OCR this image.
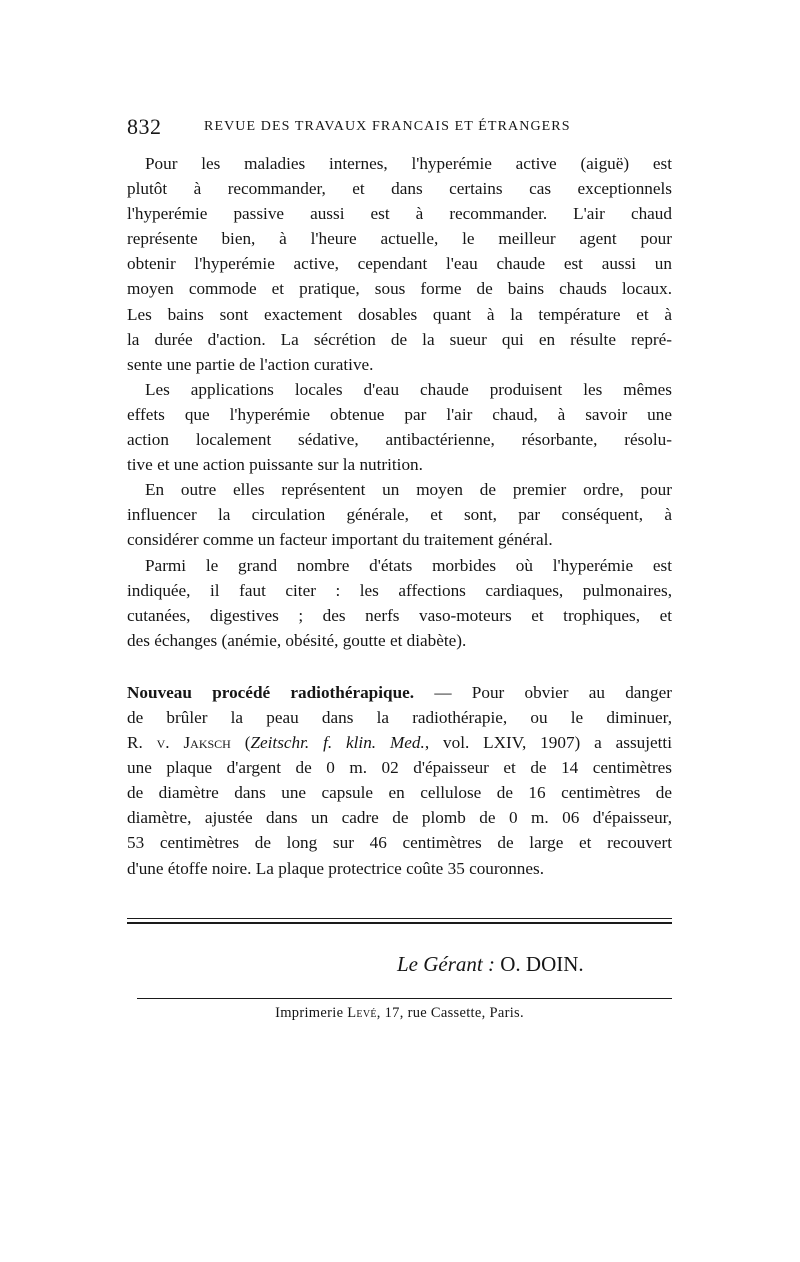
832	REVUE DES TRAVAUX FRANCAIS ET ÉTRANGERS
Pour les maladies internes, l'hyperémie active (aiguë) est
plutôt à recommander, et dans certains cas exceptionnels
l'hyperémie passive aussi est à recommander. L'air chaud
représente bien, à l'heure actuelle, le meilleur agent pour
obtenir l'hyperémie active, cependant l'eau chaude est aussi un
moyen commode et pratique, sous forme de bains chauds locaux.
Les bains sont exactement dosables quant à la température et à
la durée d'action. La sécrétion de la sueur qui en résulte repré-
sente une partie de l'action curative.
Les applications locales d'eau chaude produisent les mêmes
effets que l'hyperémie obtenue par l'air chaud, à savoir une
action localement sédative, antibactérienne, résorbante, résolu-
tive et une action puissante sur la nutrition.
En outre elles représentent un moyen de premier ordre, pour
influencer la circulation générale, et sont, par conséquent, à
considérer comme un facteur important du traitement général.
Parmi le grand nombre d'états morbides où l'hyperémie est
indiquée, il faut citer : les affections cardiaques, pulmonaires,
cutanées, digestives ; des nerfs vaso-moteurs et trophiques, et
des échanges (anémie, obésité, goutte et diabète).
Nouveau procédé radiothérapique. — Pour obvier au danger
de brûler la peau dans la radiothérapie, ou le diminuer,
R. v. Jaksch (Zeitschr. f. klin. Med., vol. LXIV, 1907) a assujetti
une plaque d'argent de 0 m. 02 d'épaisseur et de 14 centimètres
de diamètre dans une capsule en cellulose de 16 centimètres de
diamètre, ajustée dans un cadre de plomb de 0 m. 06 d'épaisseur,
53 centimètres de long sur 46 centimètres de large et recouvert
d'une étoffe noire. La plaque protectrice coûte 35 couronnes.
Le Gérant : O. DOIN.
Imprimerie Levé, 17, rue Cassette, Paris.
